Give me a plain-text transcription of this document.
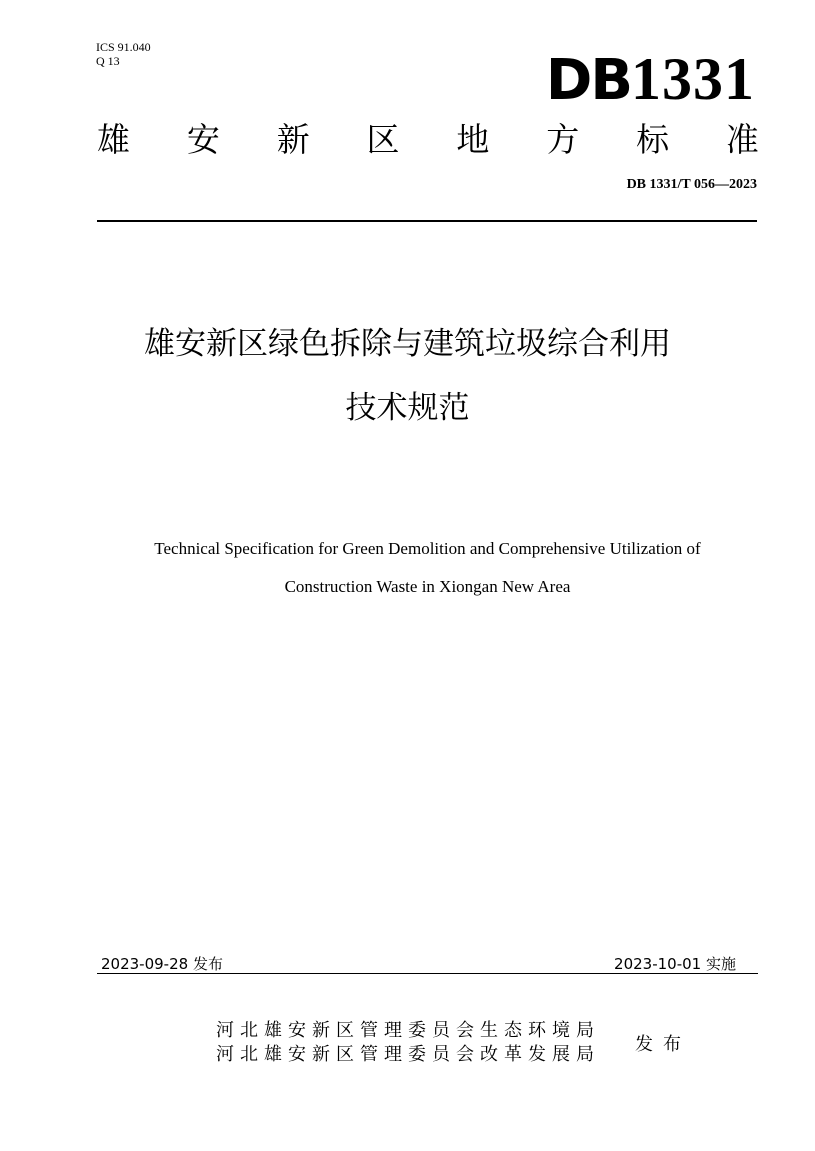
ICS 91.040
Q 13	DB1331
雄 安 新 区 地 方 标 准
DB 1331/T 056—2023
雄安新区绿色拆除与建筑垃圾综合利用
技术规范
Technical Specification for Green Demolition and Comprehensive Utilization of
Construction Waste in Xiongan New Area
2023-09-28 发布	2023-10-01 实施
河北雄安新区管理委员会生态环境局
河北雄安新区管理委员会改革发展局 发布
